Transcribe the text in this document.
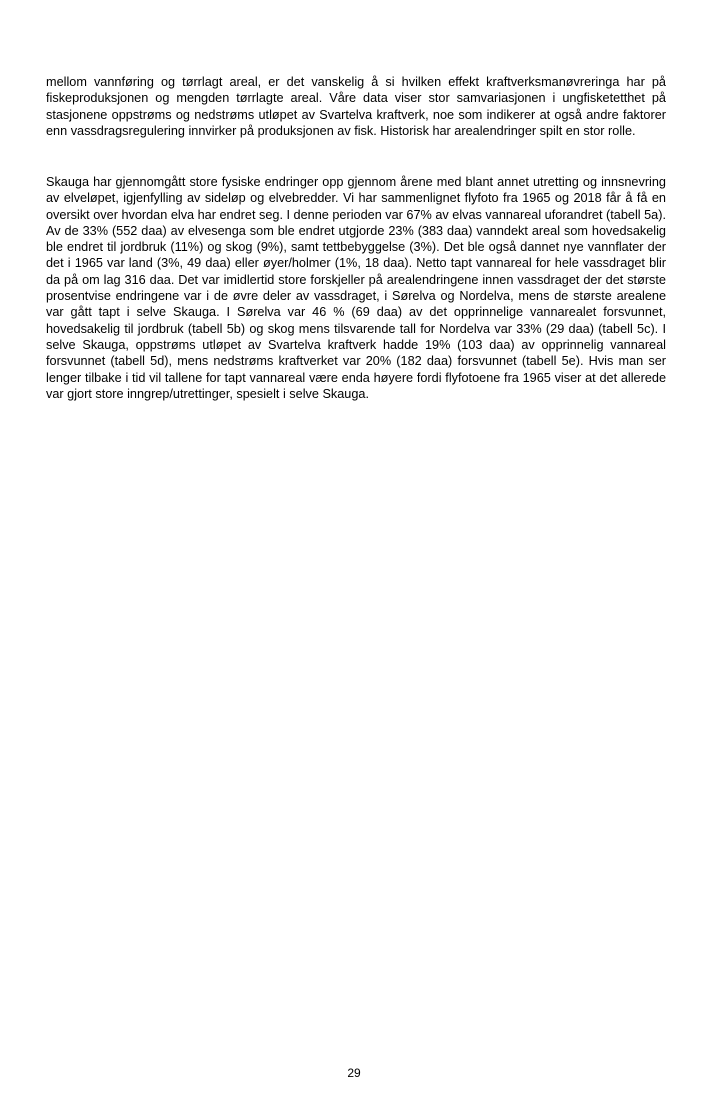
mellom vannføring og tørrlagt areal, er det vanskelig å si hvilken effekt kraftverksmanøvreringa har på fiskeproduksjonen og mengden tørrlagte areal. Våre data viser stor samvariasjonen i ungfisketetthet på stasjonene oppstrøms og nedstrøms utløpet av Svartelva kraftverk, noe som indikerer at også andre faktorer enn vassdragsregulering innvirker på produksjonen av fisk. Historisk har arealendringer spilt en stor rolle.

Skauga har gjennomgått store fysiske endringer opp gjennom årene med blant annet utretting og innsnevring av elveløpet, igjenfylling av sideløp og elvebredder. Vi har sammenlignet flyfoto fra 1965 og 2018 får å få en oversikt over hvordan elva har endret seg. I denne perioden var 67% av elvas vannareal uforandret (tabell 5a). Av de 33% (552 daa) av elvesenga som ble endret utgjorde 23% (383 daa) vanndekt areal som hovedsakelig ble endret til jordbruk (11%) og skog (9%), samt tettbebyggelse (3%). Det ble også dannet nye vannflater der det i 1965 var land (3%, 49 daa) eller øyer/holmer (1%, 18 daa). Netto tapt vannareal for hele vassdraget blir da på om lag 316 daa. Det var imidlertid store forskjeller på arealendringene innen vassdraget der det største prosentvise endringene var i de øvre deler av vassdraget, i Sørelva og Nordelva, mens de største arealene var gått tapt i selve Skauga. I Sørelva var 46 % (69 daa) av det opprinnelige vannarealet forsvunnet, hovedsakelig til jordbruk (tabell 5b) og skog mens tilsvarende tall for Nordelva var 33% (29 daa) (tabell 5c). I selve Skauga, oppstrøms utløpet av Svartelva kraftverk hadde 19% (103 daa) av opprinnelig vannareal forsvunnet (tabell 5d), mens nedstrøms kraftverket var 20% (182 daa) forsvunnet (tabell 5e). Hvis man ser lenger tilbake i tid vil tallene for tapt vannareal være enda høyere fordi flyfotoene fra 1965 viser at det allerede var gjort store inngrep/utrettinger, spesielt i selve Skauga.

29
